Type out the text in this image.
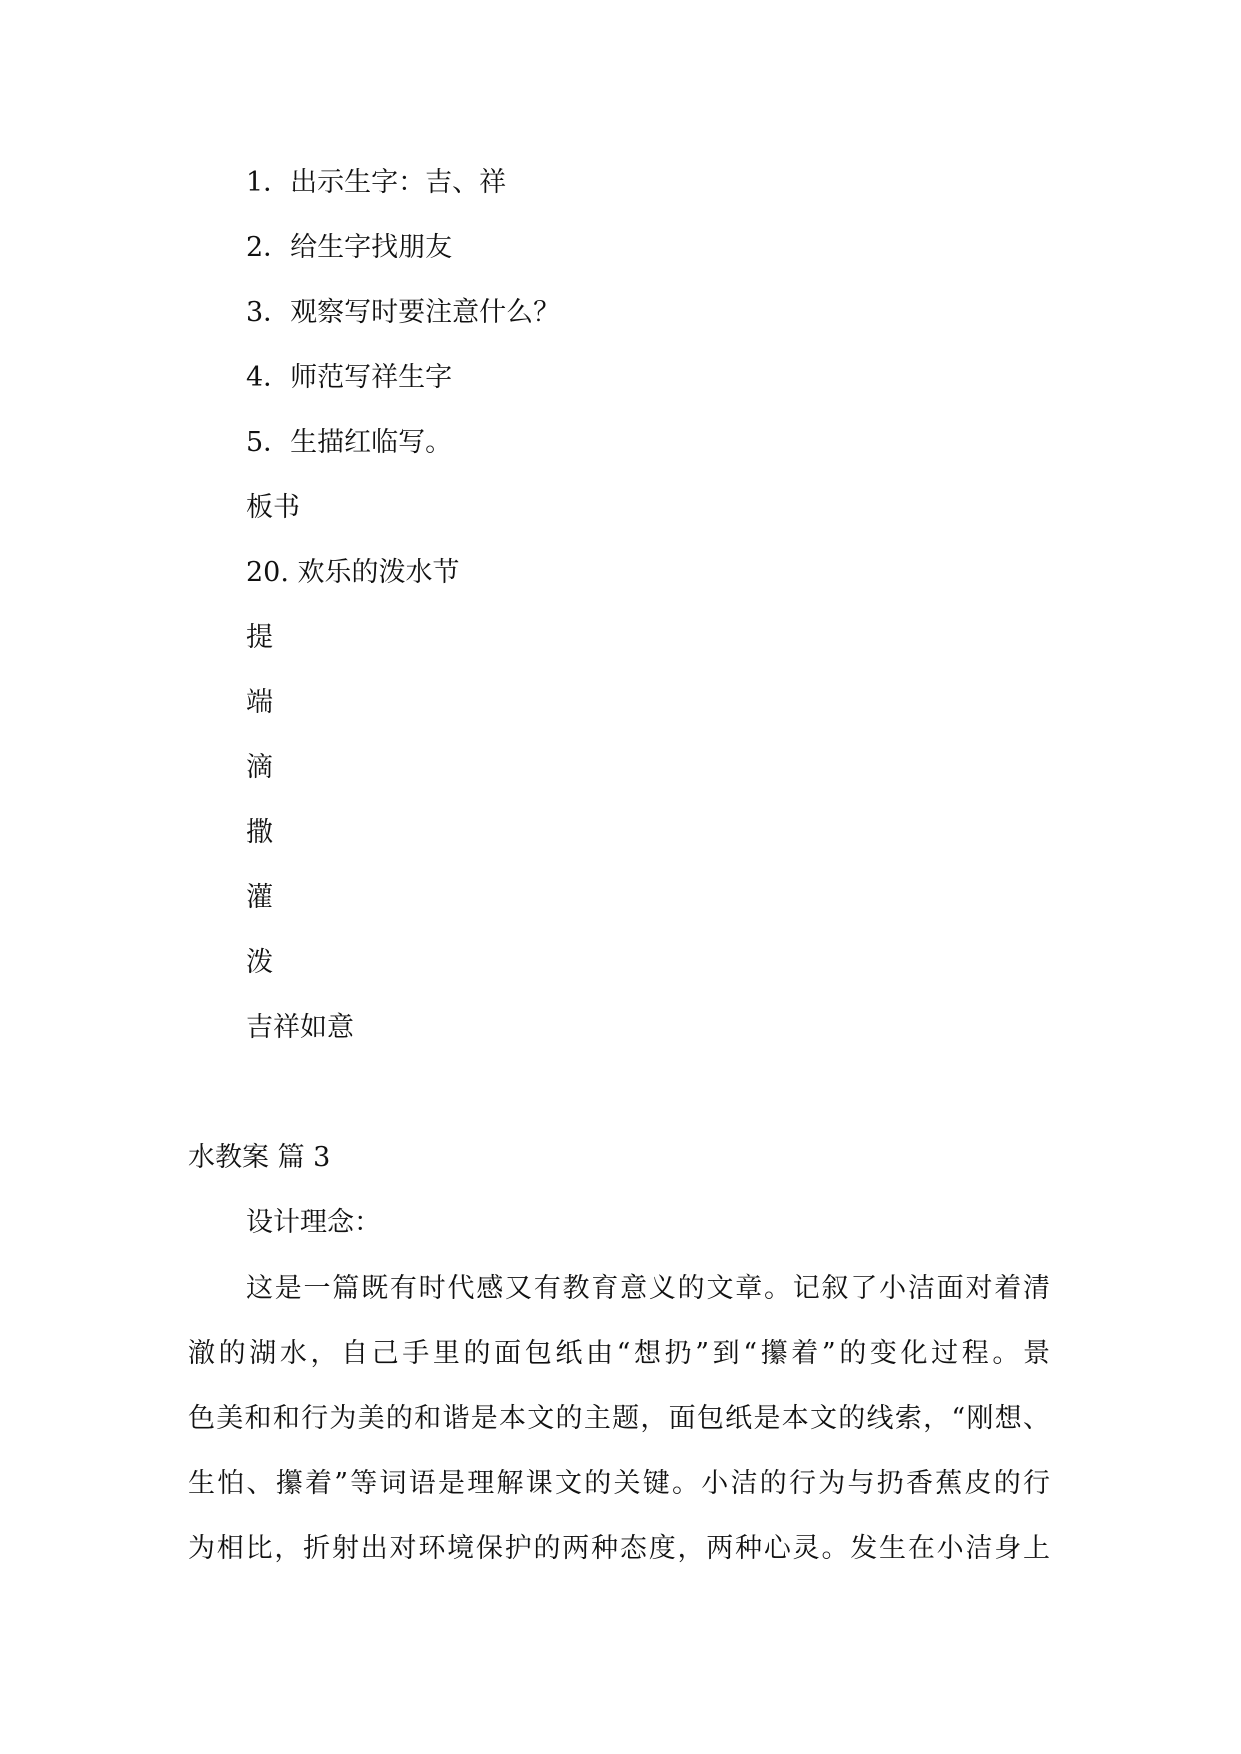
1．出示生字：吉、祥

2．给生字找朋友

3．观察写时要注意什么？

4．师范写祥生字

5．生描红临写。

板书

20. 欢乐的泼水节

提

端

滴

撒

灌

泼

吉祥如意

水教案 篇 3

设计理念：

这是一篇既有时代感又有教育意义的文章。记叙了小洁面对着清
澈的湖水，自己手里的面包纸由“想扔”到“攥着”的变化过程。景
色美和和行为美的和谐是本文的主题，面包纸是本文的线索，“刚想、
生怕、攥着”等词语是理解课文的关键。小洁的行为与扔香蕉皮的行
为相比，折射出对环境保护的两种态度，两种心灵。发生在小洁身上
